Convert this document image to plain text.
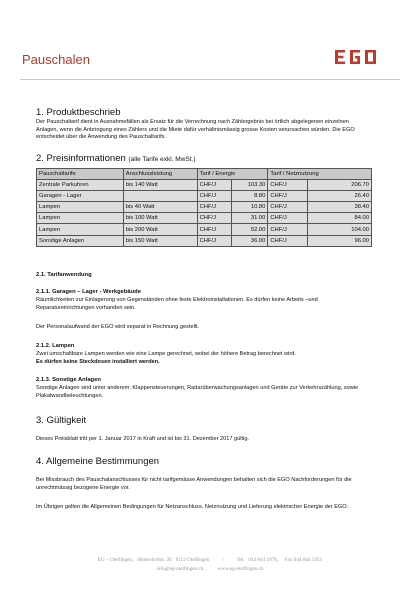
Pauschalen
1. Produktbeschrieb
Der Pauschaltarif dient in Ausnahmefällen als Ersatz für die Verrechnung nach Zählergebnis bei örtlich abgelegenen einzelnen Anlagen, wenn die Anbringung eines Zählers und die Miete dafür verhältnismässig grosse Kosten verursachen würden. Die EGO entscheidet über die Anwendung des Pauschaltarifs.
2. Preisinformationen (alle Tarife exkl. MwSt.)
Pauschaltarife	Anschlussleistung	Tarif / Energie		Tarif / Netznutzung	
Zentrale Parkuhren	bis 140 Watt	CHF/J	103.30	CHF/J	206.70
Garagen - Lager		CHF/J	8.80	CHF/J	26.40
Lampen	bis 40 Watt	CHF/J	10.80	CHF/J	38.40
Lampen	bis 100 Watt	CHF/J	31.00	CHF/J	84.00
Lampen	bis 200 Watt	CHF/J	52.00	CHF/J	104.00
Sonstige Anlagen	bis 150 Watt	CHF/J	36.00	CHF/J	96.00
2.1. Tarifanwendung
2.1.1. Garagen – Lager - Werkgebäude
Räumlichkeiten zur Einlagerung von Gegenständen ohne feste Elektroinstallationen. Es dürfen keine Arbeits –und Reparatureinrichtungen vorhanden sein.
Der Personalaufwand der EGO wird separat in Rechnung gestellt.
2.1.2. Lampen
Zwei umschaltbare Lampen werden wie eine Lampe gerechnet, wobei der höhere Betrag berechnet wird.
Es dürfen keine Steckdosen installiert werden.
2.1.3. Sonstige Anlagen
Sonstige Anlagen sind unter anderem: Klappensteuerungen, Radarüberwachungsanlagen und Geräte zur Verkehrszählung, sowie Plakatwandbeleuchtungen.
3. Gültigkeit
Dieses Preisblatt tritt per 1. Januar 2017 in Kraft und ist bis 31. Dezember 2017 gültig.
4. Allgemeine Bestimmungen
Bei Missbrauch des Pauschalanschlusses für nicht tarifgemässe Anwendungen behalten sich die EGO Nachforderungen für die unrechtmässig bezogene Energie vor.
Im Übrigen gelten die Allgemeinen Bedingungen für Netzanschluss, Netznutzung und Lieferung elektrischer Energie der EGO.
EG – Otelfingen,   Hinterdorfstr. 20   8112 Otelfingen          /          Tel.   044 844 1878,     Fax 044 844 5951
info@eg-otelfingen.ch,          www.eg-otelfingen.ch
